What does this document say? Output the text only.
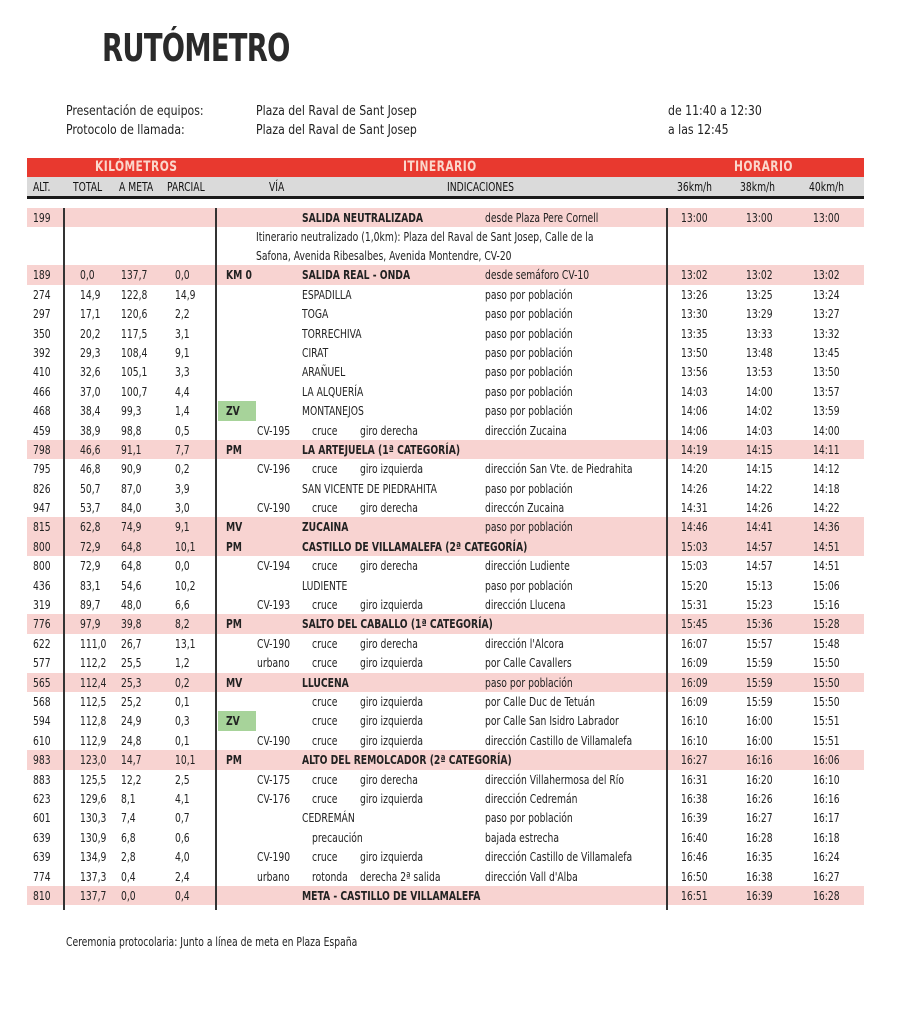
RUTÓMETRO
Presentación de equipos:	Plaza del Raval de Sant Josep	de 11:40 a 12:30
Protocolo de llamada:	Plaza del Raval de Sant Josep	a las 12:45
KILÓMETROS	ITINERARIO	HORARIO
ALT. TOTAL A META PARCIAL	VÍA	INDICACIONES	36km/h 38km/h	40km/h
199	SALIDA NEUTRALIZADA	desde Plaza Pere Cornell	13:00	13:00	13:00
Itinerario neutralizado (1,0km): Plaza del Raval de Sant Josep, Calle de la
Safona, Avenida Ribesalbes, Avenida Montendre, CV-20
189 0,0 137,7 0,0	KM 0	SALIDA REAL - ONDA	desde semáforo CV-10	13:02	13:02	13:02
274 14,9 122,8 14,9	ESPADILLA	paso por población	13:26	13:25	13:24
297 17,1 120,6 2,2	TOGA	paso por población	13:30	13:29	13:27
350 20,2 117,5 3,1	TORRECHIVA	paso por población	13:35	13:33	13:32
392 29,3 108,4 9,1	CIRAT	paso por población	13:50	13:48	13:45
410 32,6 105,1 3,3	ARAÑUEL	paso por población	13:56	13:53	13:50
466 37,0 100,7 4,4	LA ALQUERÍA	paso por población	14:03	14:00	13:57
468 38,4 99,3	1,4	ZV	MONTANEJOS	paso por población	14:06	14:02	13:59
459 38,9 98,8	0,5	CV-195 cruce giro derecha	dirección Zucaina	14:06	14:03	14:00
798 46,6 91,1	7,7	PM	LA ARTEJUELA (1ª CATEGORÍA)	14:19	14:15	14:11
795 46,8 90,9	0,2	CV-196 cruce giro izquierda	dirección San Vte. de Piedrahita	14:20	14:15	14:12
826 50,7 87,0	3,9	SAN VICENTE DE PIEDRAHITA	paso por población	14:26	14:22	14:18
947 53,7 84,0	3,0	CV-190 cruce giro derecha	direccón Zucaina	14:31	14:26	14:22
815 62,8 74,9	9,1	MV	ZUCAINA	paso por población	14:46	14:41	14:36
800 72,9 64,8	10,1 PM	CASTILLO DE VILLAMALEFA (2ª CATEGORÍA)	15:03	14:57	14:51
800 72,9 64,8	0,0	CV-194 cruce giro derecha	dirección Ludiente	15:03	14:57	14:51
436 83,1 54,6	10,2	LUDIENTE	paso por población	15:20	15:13	15:06
319 89,7 48,0	6,6	CV-193 cruce giro izquierda	dirección Llucena	15:31	15:23	15:16
776 97,9 39,8	8,2	PM	SALTO DEL CABALLO (1ª CATEGORÍA)	15:45	15:36	15:28
622 111,0 26,7	13,1	CV-190 cruce giro derecha	dirección l'Alcora	16:07	15:57	15:48
577 112,2 25,5	1,2	urbano cruce giro izquierda	por Calle Cavallers	16:09	15:59	15:50
565 112,4 25,3	0,2	MV	LLUCENA	paso por población	16:09	15:59	15:50
568 112,5 25,2	0,1	cruce giro izquierda	por Calle Duc de Tetuán	16:09	15:59	15:50
594 112,8 24,9	0,3	ZV	cruce giro izquierda	por Calle San Isidro Labrador	16:10	16:00	15:51
610 112,9 24,8	0,1	CV-190 cruce giro izquierda	dirección Castillo de Villamalefa	16:10	16:00	15:51
983 123,0 14,7	10,1 PM	ALTO DEL REMOLCADOR (2ª CATEGORÍA)	16:27	16:16	16:06
883 125,5 12,2	2,5	CV-175 cruce giro derecha	dirección Villahermosa del Río	16:31	16:20	16:10
623 129,6 8,1	4,1	CV-176 cruce giro izquierda	dirección Cedremán	16:38	16:26	16:16
601 130,3 7,4	0,7	CEDREMÁN	paso por población	16:39	16:27	16:17
639 130,9 6,8	0,6	precaución	bajada estrecha	16:40	16:28	16:18
639 134,9 2,8	4,0	CV-190 cruce giro izquierda	dirección Castillo de Villamalefa	16:46	16:35	16:24
774 137,3 0,4	2,4	urbano rotonda derecha 2ª salida	dirección Vall d'Alba	16:50	16:38	16:27
810 137,7 0,0	0,4	META - CASTILLO DE VILLAMALEFA	16:51	16:39	16:28
Ceremonia protocolaria: Junto a línea de meta en Plaza España
